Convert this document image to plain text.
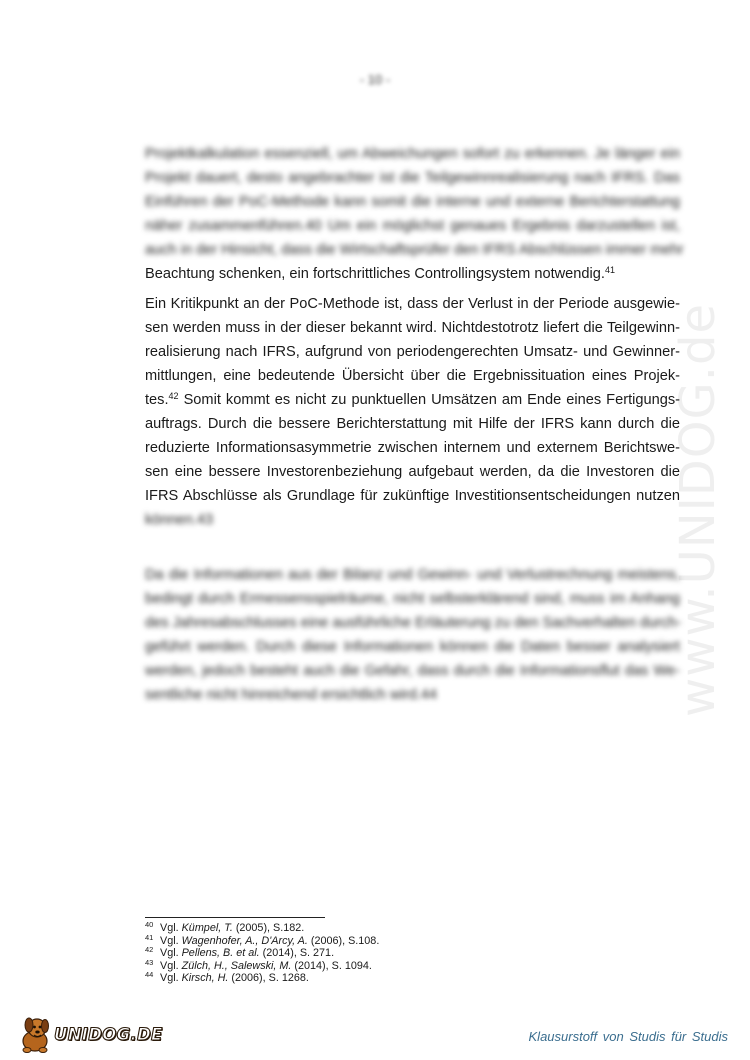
- 10 -
www.UNIDOG.de
Projektkalkulation essenziell, um Abweichungen sofort zu erkennen. Je länger ein
Projekt dauert, desto angebrachter ist die Teilgewinnrealisierung nach IFRS. Das
Einführen der PoC-Methode kann somit die interne und externe Berichterstattung
näher zusammenführen.40 Um ein möglichst genaues Ergebnis darzustellen ist,
auch in der Hinsicht, dass die Wirtschaftsprüfer den IFRS Abschlüssen immer mehr
Beachtung schenken, ein fortschrittliches Controllingsystem notwendig.$^{41}$
Ein Kritikpunkt an der PoC-Methode ist, dass der Verlust in der Periode ausgewie-
sen werden muss in der dieser bekannt wird. Nichtdestotrotz liefert die Teilgewinn-
realisierung nach IFRS, aufgrund von periodengerechten Umsatz- und Gewinner-
mittlungen, eine bedeutende Übersicht über die Ergebnissituation eines Projek-
tes.$^{42}$ Somit kommt es nicht zu punktuellen Umsätzen am Ende eines Fertigungs-
auftrags. Durch die bessere Berichterstattung mit Hilfe der IFRS kann durch die
reduzierte Informationsasymmetrie zwischen internem und externem Berichtswe-
sen eine bessere Investorenbeziehung aufgebaut werden, da die Investoren die
IFRS Abschlüsse als Grundlage für zukünftige Investitionsentscheidungen nutzen
können.43
Da die Informationen aus der Bilanz und Gewinn- und Verlustrechnung meistens,
bedingt durch Ermessensspielräume, nicht selbsterklärend sind, muss im Anhang
des Jahresabschlusses eine ausführliche Erläuterung zu den Sachverhalten durch-
geführt werden. Durch diese Informationen können die Daten besser analysiert
werden, jedoch besteht auch die Gefahr, dass durch die Informationsflut das We-
sentliche nicht hinreichend ersichtlich wird.44
40 Vgl. Kümpel, T. (2005), S.182.
41 Vgl. Wagenhofer, A., D'Arcy, A. (2006), S.108.
42 Vgl. Pellens, B. et al. (2014), S. 271.
43 Vgl. Zülch, H., Salewski, M. (2014), S. 1094.
44 Vgl. Kirsch, H. (2006), S. 1268.
UNIDOG.DE	Klausurstoff von Studis für Studis
